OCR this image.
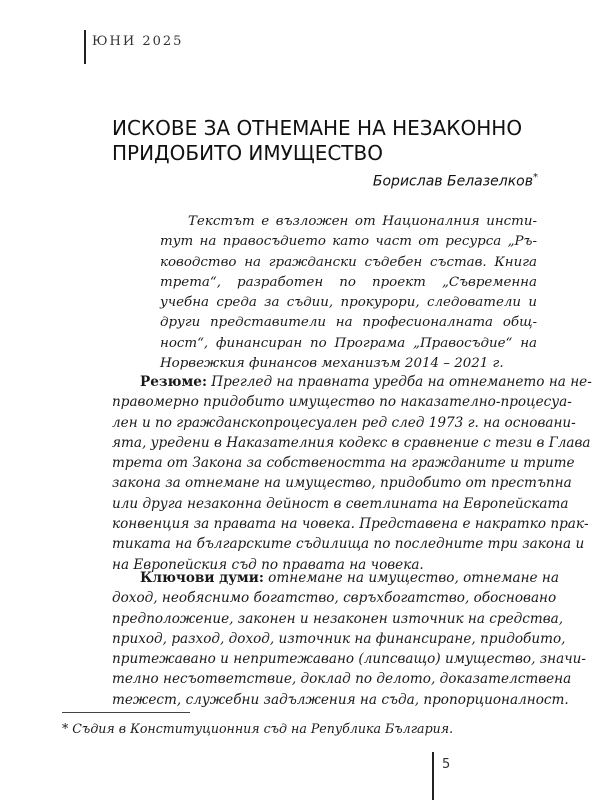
ЮНИ 2025
ИСКОВЕ ЗА ОТНЕМАНЕ НА НЕЗАКОННО
ПРИДОБИТО ИМУЩЕСТВО
Борислав Белазелков*
Текстът е възложен от Националния инсти-
тут на правосъдието като част от ресурса „Ръ-
ководство на граждански съдебен състав. Книга
трета“, разработен по проект „Съвременна
учебна среда за съдии, прокурори, следователи и
други представители на професионалната общ-
ност“, финансиран по Програма „Правосъдие“ на
Норвежкия финансов механизъм 2014 – 2021 г.
Резюме: Преглед на правната уредба на отнемането на не-
правомерно придобито имущество по наказателно-процесуа-
лен и по гражданскопроцесуален ред след 1973 г. на основани-
ята, уредени в Наказателния кодекс в сравнение с тези в Глава
трета от Закона за собствеността на гражданите и трите
закона за отнемане на имущество, придобито от престъпна
или друга незаконна дейност в светлината на Европейската
конвенция за правата на човека. Представена е накратко прак-
тиката на българските съдилища по последните три закона и
на Европейския съд по правата на човека.
Ключови думи: отнемане на имущество, отнемане на
доход, необяснимо богатство, свръхбогатство, обосновано
предположение, законен и незаконен източник на средства,
приход, разход, доход, източник на финансиране, придобито,
притежавано и непритежавано (липсващо) имущество, значи-
телно несъответствие, доклад по делото, доказателствена
тежест, служебни задължения на съда, пропорционалност.
* Съдия в Конституционния съд на Република България.
5
